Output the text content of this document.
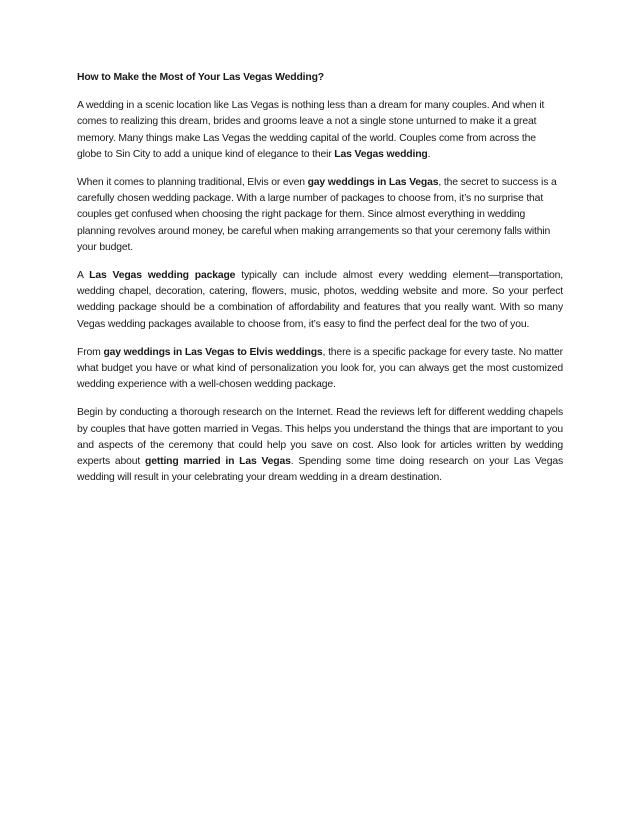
How to Make the Most of Your Las Vegas Wedding?

A wedding in a scenic location like Las Vegas is nothing less than a dream for many couples. And when it comes to realizing this dream, brides and grooms leave a not a single stone unturned to make it a great memory. Many things make Las Vegas the wedding capital of the world. Couples come from across the globe to Sin City to add a unique kind of elegance to their Las Vegas wedding.

When it comes to planning traditional, Elvis or even gay weddings in Las Vegas, the secret to success is a carefully chosen wedding package. With a large number of packages to choose from, it’s no surprise that couples get confused when choosing the right package for them. Since almost everything in wedding planning revolves around money, be careful when making arrangements so that your ceremony falls within your budget.

A Las Vegas wedding package typically can include almost every wedding element—transportation, wedding chapel, decoration, catering, flowers, music, photos, wedding website and more. So your perfect wedding package should be a combination of affordability and features that you really want. With so many Vegas wedding packages available to choose from, it’s easy to find the perfect deal for the two of you.

From gay weddings in Las Vegas to Elvis weddings, there is a specific package for every taste. No matter what budget you have or what kind of personalization you look for, you can always get the most customized wedding experience with a well-chosen wedding package.

Begin by conducting a thorough research on the Internet. Read the reviews left for different wedding chapels by couples that have gotten married in Vegas. This helps you understand the things that are important to you and aspects of the ceremony that could help you save on cost. Also look for articles written by wedding experts about getting married in Las Vegas. Spending some time doing research on your Las Vegas wedding will result in your celebrating your dream wedding in a dream destination.
